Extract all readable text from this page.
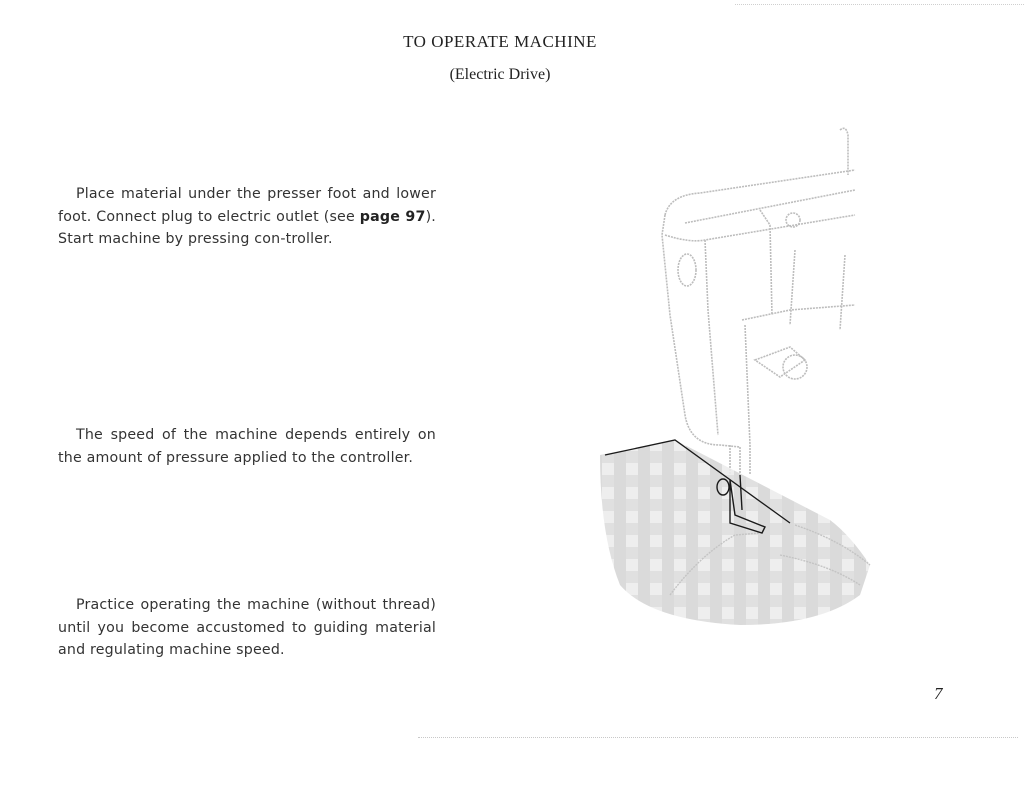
TO OPERATE MACHINE
(Electric Drive)
Place material under the presser foot and lower foot. Connect plug to electric outlet (see page 97). Start machine by pressing con-troller.
The speed of the machine depends entirely on the amount of pressure applied to the controller.
Practice operating the machine (without thread) until you become accustomed to guiding material and regulating machine speed.
7
